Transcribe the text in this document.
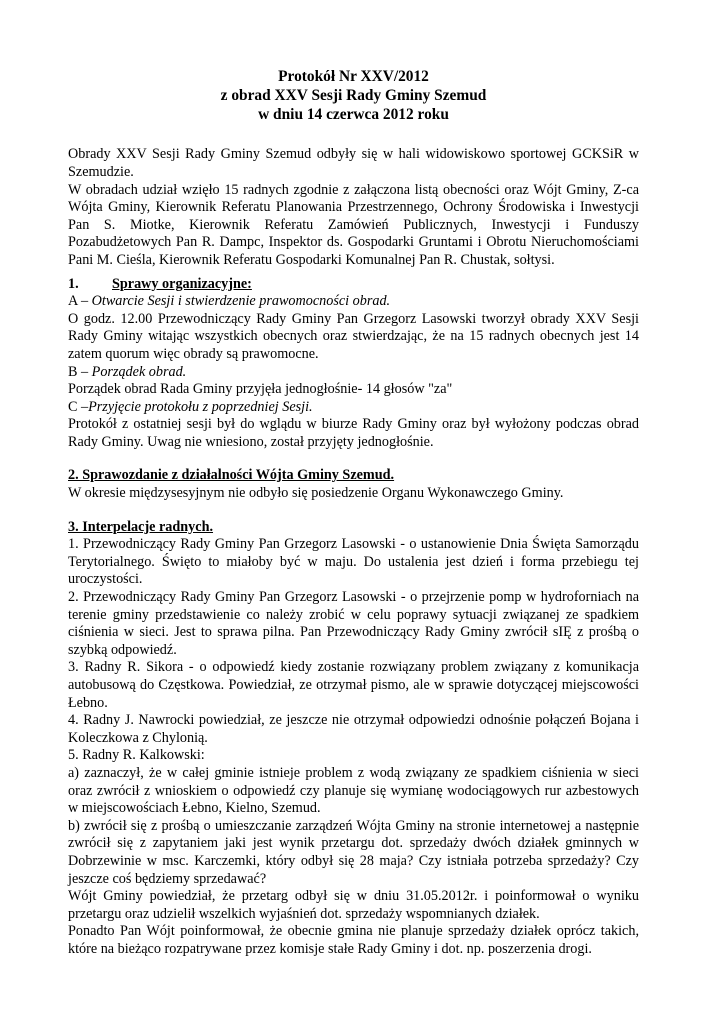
Protokół Nr XXV/2012
z obrad XXV Sesji Rady Gminy Szemud
w dniu 14 czerwca 2012 roku

Obrady XXV Sesji Rady Gminy Szemud odbyły się w hali widowiskowo sportowej GCKSiR w Szemudzie.

W obradach udział wzięło 15 radnych zgodnie z załączona listą obecności oraz Wójt Gminy, Z-ca Wójta Gminy, Kierownik Referatu Planowania Przestrzennego, Ochrony Środowiska i Inwestycji Pan S. Miotke, Kierownik Referatu Zamówień Publicznych, Inwestycji i Funduszy Pozabudżetowych Pan R. Dampc, Inspektor ds. Gospodarki Gruntami i Obrotu Nieruchomościami Pani M. Cieśla, Kierownik Referatu Gospodarki Komunalnej Pan R. Chustak, sołtysi.

1.	Sprawy organizacyjne:

A – Otwarcie Sesji i stwierdzenie prawomocności obrad.

O godz. 12.00 Przewodniczący Rady Gminy Pan Grzegorz Lasowski tworzył obrady XXV Sesji Rady Gminy witając wszystkich obecnych oraz stwierdzając, że na 15 radnych obecnych jest 14 zatem quorum więc obrady są prawomocne.

B – Porządek obrad.

Porządek obrad Rada Gminy przyjęła jednogłośnie- 14 głosów "za"

C –Przyjęcie protokołu z poprzedniej Sesji.

Protokół z ostatniej sesji był do wglądu w biurze Rady Gminy oraz był wyłożony podczas obrad Rady Gminy. Uwag nie wniesiono, został przyjęty jednogłośnie.

2. Sprawozdanie z działalności Wójta Gminy Szemud.

W okresie międzysesyjnym nie odbyło się posiedzenie Organu Wykonawczego Gminy.

3. Interpelacje radnych.

1. Przewodniczący Rady Gminy Pan Grzegorz Lasowski - o ustanowienie Dnia Święta Samorządu Terytorialnego. Święto to miałoby być w maju. Do ustalenia jest dzień i forma przebiegu tej uroczystości.

2. Przewodniczący Rady Gminy Pan Grzegorz Lasowski - o przejrzenie pomp w hydroforniach na terenie gminy przedstawienie co należy zrobić w celu poprawy sytuacji związanej ze spadkiem ciśnienia w sieci. Jest to sprawa pilna. Pan Przewodniczący Rady Gminy zwrócił sIĘ z prośbą o szybką odpowiedź.

3. Radny R. Sikora - o odpowiedź kiedy zostanie rozwiązany problem związany z komunikacja autobusową do Częstkowa. Powiedział, ze otrzymał pismo, ale w sprawie dotyczącej miejscowości Łebno.

4. Radny J. Nawrocki powiedział, ze jeszcze nie otrzymał odpowiedzi odnośnie połączeń Bojana i Koleczkowa z Chylonią.

5. Radny R. Kalkowski:

a) zaznaczył, że w całej gminie istnieje problem z wodą związany ze spadkiem ciśnienia w sieci oraz zwrócił z wnioskiem o odpowiedź czy planuje się wymianę wodociągowych rur azbestowych w miejscowościach Łebno, Kielno, Szemud.

b) zwrócił się z prośbą o umieszczanie zarządzeń Wójta Gminy na stronie internetowej a następnie zwrócił się z zapytaniem jaki jest wynik przetargu dot. sprzedaży dwóch działek gminnych w Dobrzewinie w msc. Karczemki, który odbył się 28 maja? Czy istniała potrzeba sprzedaży? Czy jeszcze coś będziemy sprzedawać?

Wójt Gminy powiedział, że przetarg odbył się w dniu 31.05.2012r. i poinformował o wyniku przetargu oraz udzielił wszelkich wyjaśnień dot. sprzedaży wspomnianych działek.

Ponadto Pan Wójt poinformował, że obecnie gmina nie planuje sprzedaży działek oprócz takich, które na bieżąco rozpatrywane przez komisje stałe Rady Gminy i dot. np. poszerzenia drogi.
